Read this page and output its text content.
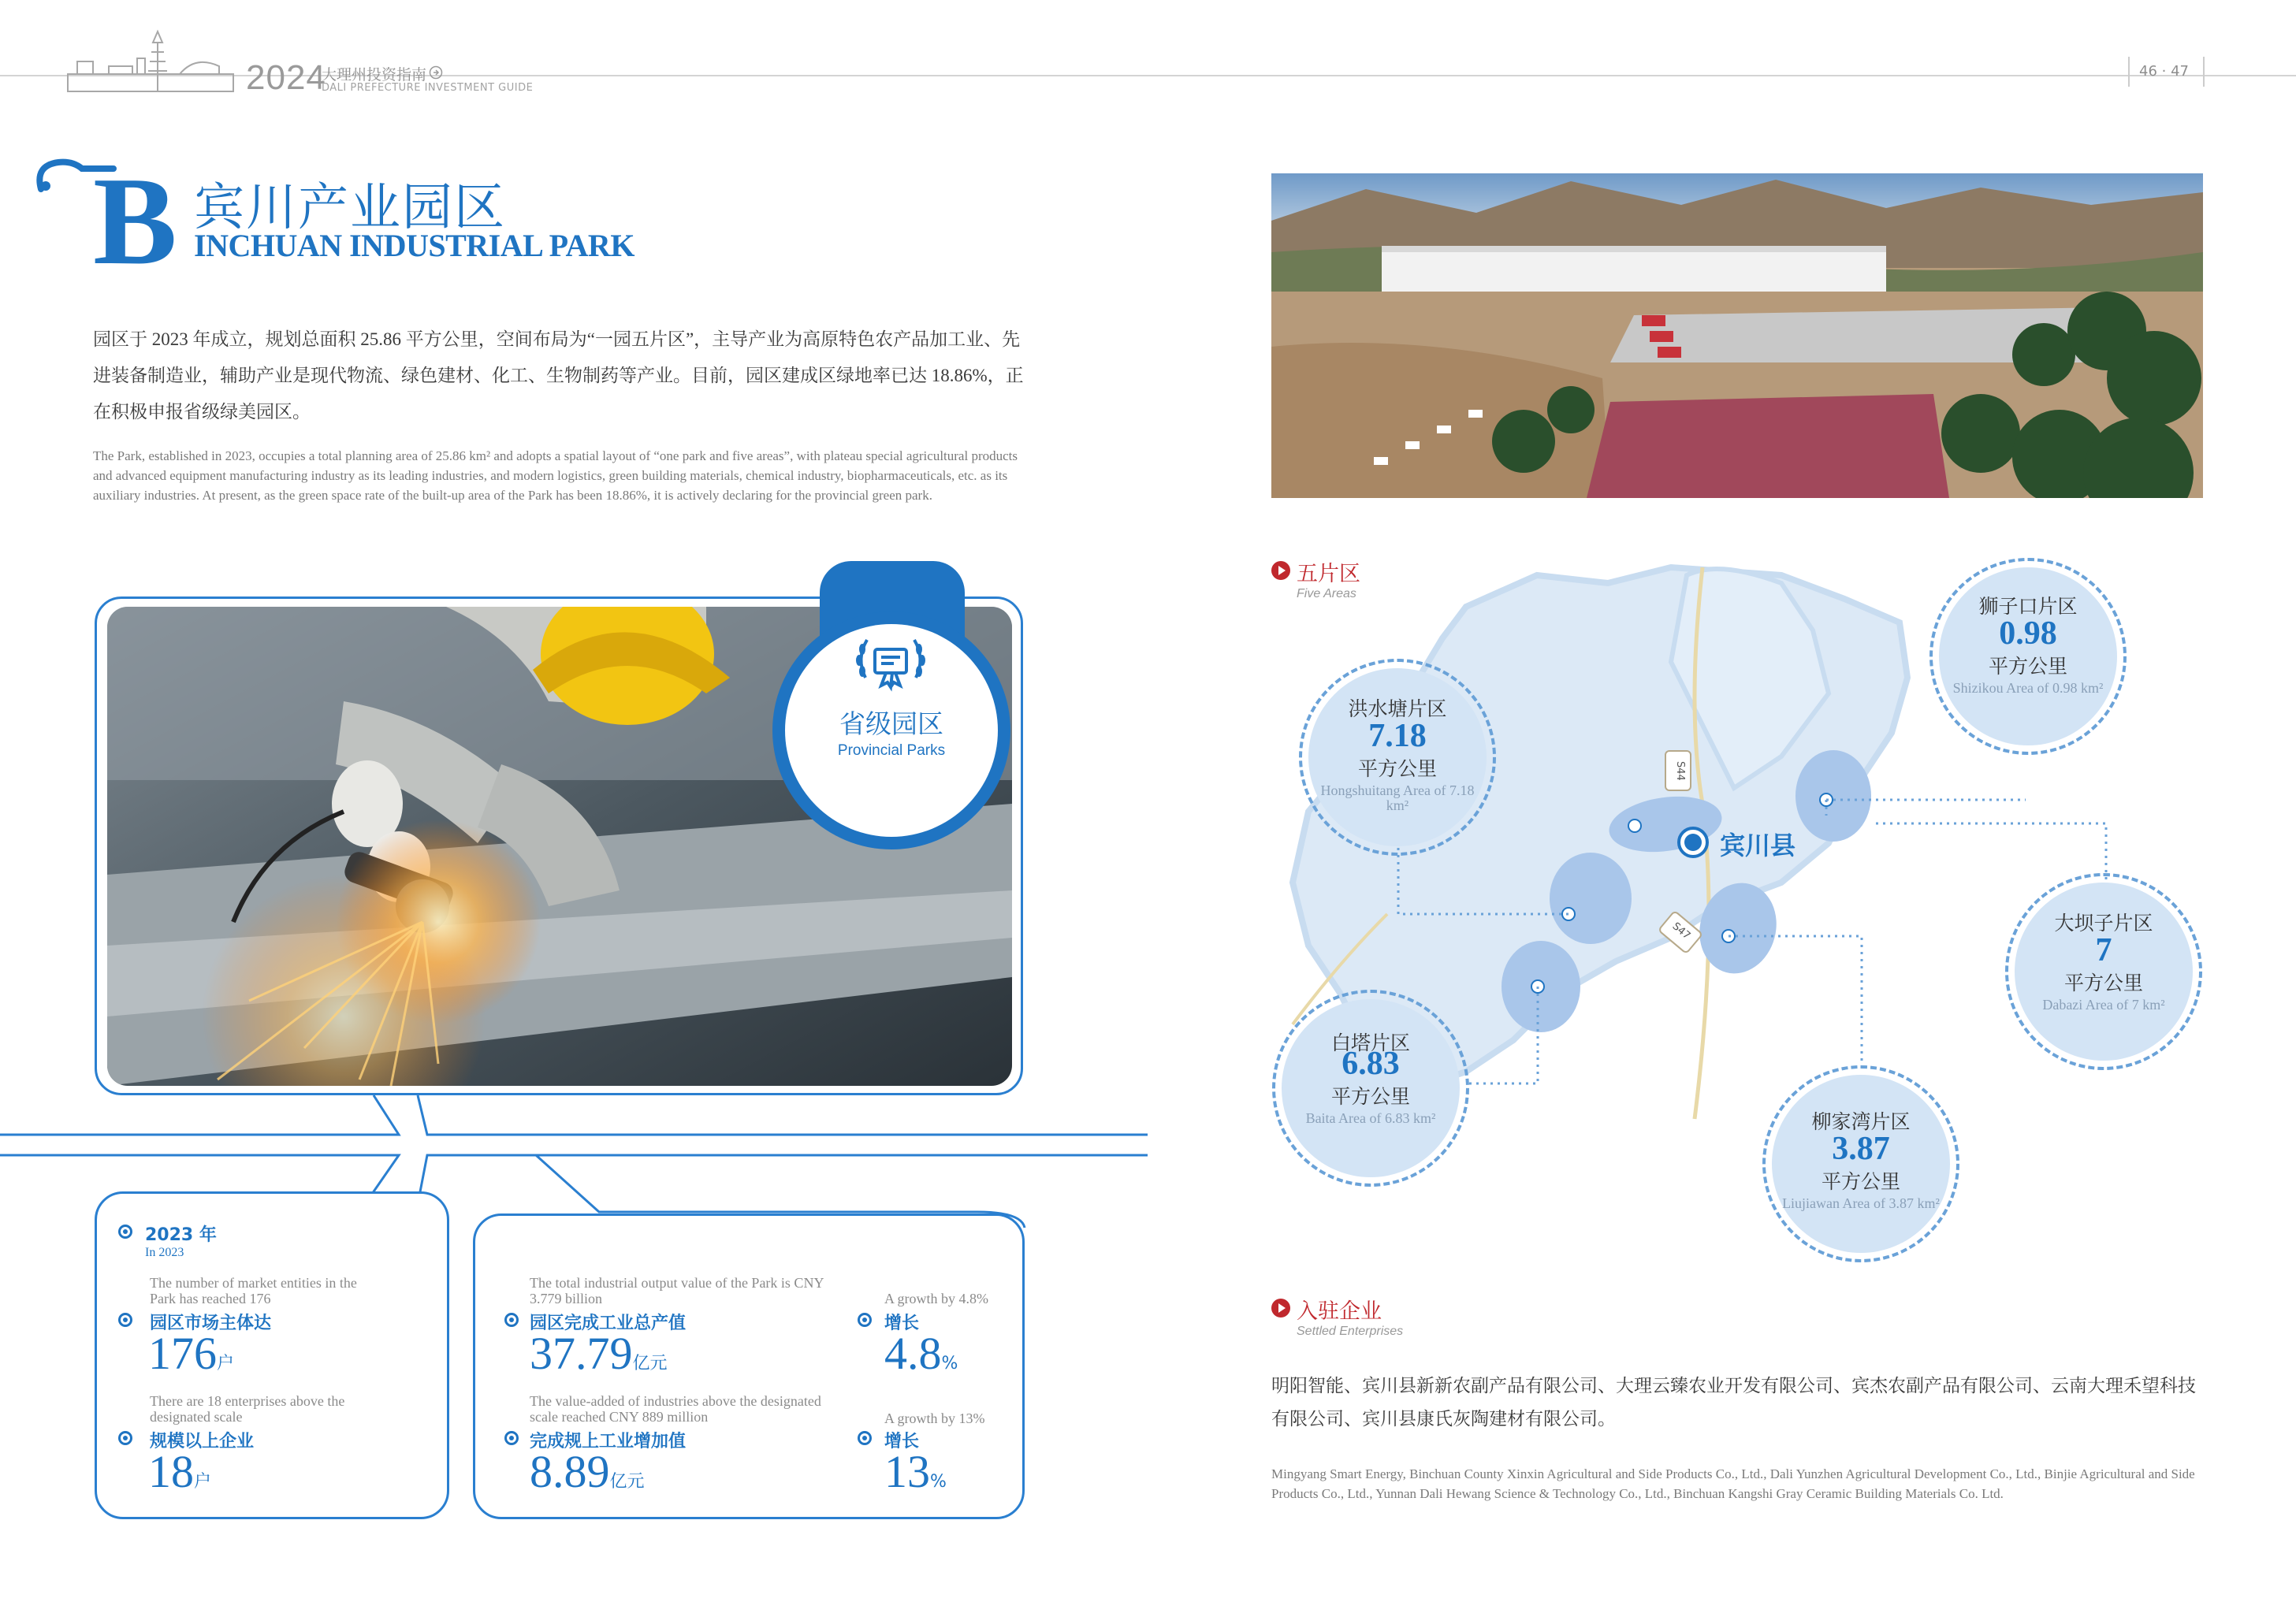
2024
大理州投资指南
DALI PREFECTURE INVESTMENT GUIDE
46 · 47
B 宾川产业园区
INCHUAN INDUSTRIAL PARK
园区于 2023 年成立，规划总面积 25.86 平方公里，空间布局为“一园五片区”，主导产业为高原特色农产品加工业、先进装备制造业，辅助产业是现代物流、绿色建材、化工、生物制药等产业。目前，园区建成区绿地率已达 18.86%，正在积极申报省级绿美园区。
The Park, established in 2023, occupies a total planning area of 25.86 km² and adopts a spatial layout of “one park and five areas”, with plateau special agricultural products and advanced equipment manufacturing industry as its leading industries, and modern logistics, green building materials, chemical industry, biopharmaceuticals, etc. as its auxiliary industries. At present, as the green space rate of the built-up area of the Park has been 18.86%, it is actively declaring for the provincial green park.
省级园区
Provincial Parks
2023 年
In 2023
The number of market entities in the Park has reached 176
园区市场主体达
176户
There are 18 enterprises above the designated scale
规模以上企业
18户
The total industrial output value of the Park is CNY 3.779 billion
园区完成工业总产值
37.79亿元
A growth by 4.8%
增长
4.8%
The value-added of industries above the designated scale reached CNY 889 million
完成规上工业增加值
8.89亿元
A growth by 13%
增长
13%
五片区
Five Areas
S44
S47
宾川县
洪水塘片区
7.18
平方公里
Hongshuitang Area of 7.18 km²
狮子口片区
0.98
平方公里
Shizikou Area of 0.98 km²
大坝子片区
7
平方公里
Dabazi Area of 7 km²
柳家湾片区
3.87
平方公里
Liujiawan Area of 3.87 km²
白塔片区
6.83
平方公里
Baita Area of 6.83 km²
入驻企业
Settled Enterprises
明阳智能、宾川县新新农副产品有限公司、大理云臻农业开发有限公司、宾杰农副产品有限公司、云南大理禾望科技有限公司、宾川县康氏灰陶建材有限公司。
Mingyang Smart Energy, Binchuan County Xinxin Agricultural and Side Products Co., Ltd., Dali Yunzhen Agricultural Development Co., Ltd., Binjie Agricultural and Side Products Co., Ltd., Yunnan Dali Hewang Science & Technology Co., Ltd., Binchuan Kangshi Gray Ceramic Building Materials Co. Ltd.
